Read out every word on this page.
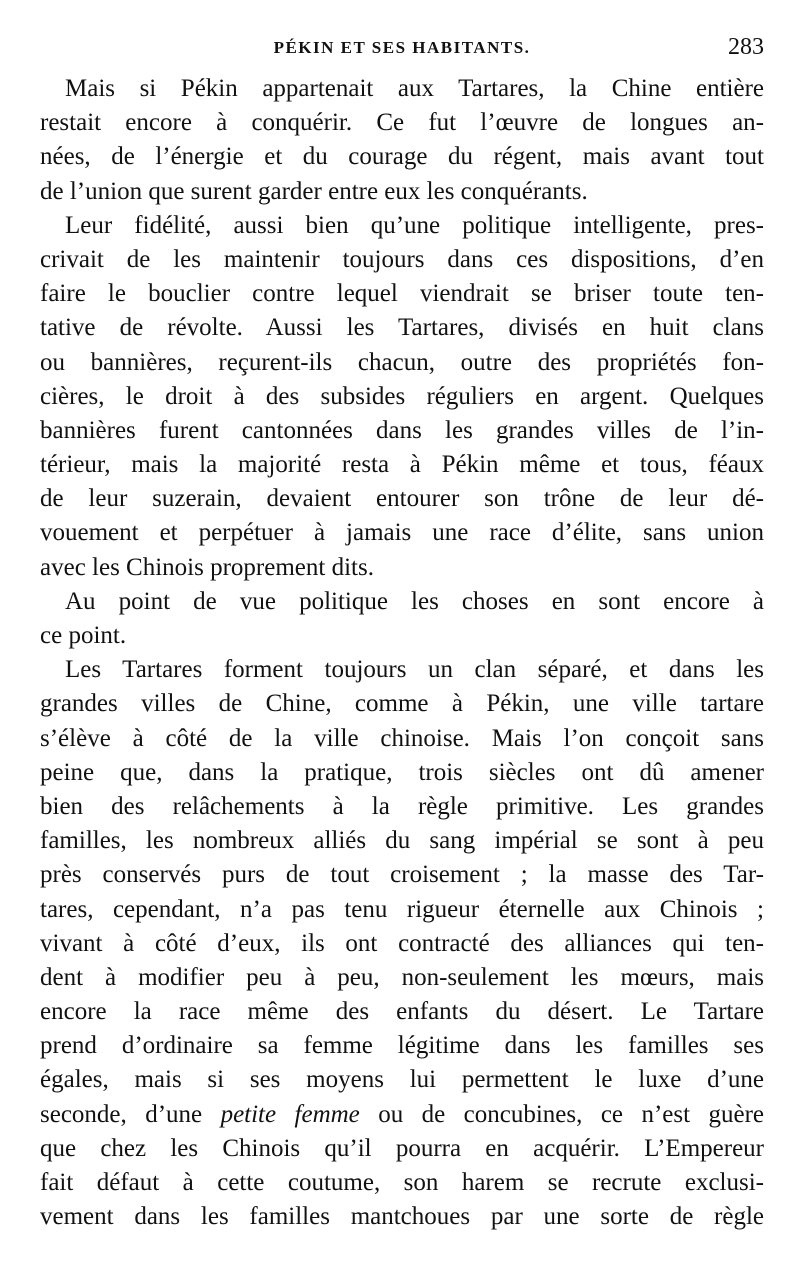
PÉKIN ET SES HABITANTS.	283
Mais si Pékin appartenait aux Tartares, la Chine entière
restait encore à conquérir. Ce fut l’œuvre de longues an-
nées, de l’énergie et du courage du régent, mais avant tout
de l’union que surent garder entre eux les conquérants.
Leur fidélité, aussi bien qu’une politique intelligente, pres-
crivait de les maintenir toujours dans ces dispositions, d’en
faire le bouclier contre lequel viendrait se briser toute ten-
tative de révolte. Aussi les Tartares, divisés en huit clans
ou bannières, reçurent-ils chacun, outre des propriétés fon-
cières, le droit à des subsides réguliers en argent. Quelques
bannières furent cantonnées dans les grandes villes de l’in-
térieur, mais la majorité resta à Pékin même et tous, féaux
de leur suzerain, devaient entourer son trône de leur dé-
vouement et perpétuer à jamais une race d’élite, sans union
avec les Chinois proprement dits.
Au point de vue politique les choses en sont encore à
ce point.
Les Tartares forment toujours un clan séparé, et dans les
grandes villes de Chine, comme à Pékin, une ville tartare
s’élève à côté de la ville chinoise. Mais l’on conçoit sans
peine que, dans la pratique, trois siècles ont dû amener
bien des relâchements à la règle primitive. Les grandes
familles, les nombreux alliés du sang impérial se sont à peu
près conservés purs de tout croisement ; la masse des Tar-
tares, cependant, n’a pas tenu rigueur éternelle aux Chinois ;
vivant à côté d’eux, ils ont contracté des alliances qui ten-
dent à modifier peu à peu, non-seulement les mœurs, mais
encore la race même des enfants du désert. Le Tartare
prend d’ordinaire sa femme légitime dans les familles ses
égales, mais si ses moyens lui permettent le luxe d’une
seconde, d’une petite femme ou de concubines, ce n’est guère
que chez les Chinois qu’il pourra en acquérir. L’Empereur
fait défaut à cette coutume, son harem se recrute exclusi-
vement dans les familles mantchoues par une sorte de règle
